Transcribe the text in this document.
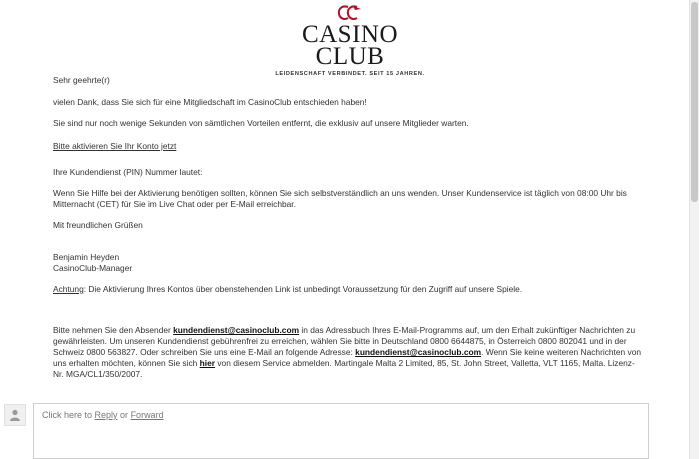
CASINO CLUB
LEIDENSCHAFT VERBINDET. SEIT 15 JAHREN.

Sehr geehrte(r)

vielen Dank, dass Sie sich für eine Mitgliedschaft im CasinoClub entschieden haben!

Sie sind nur noch wenige Sekunden von sämtlichen Vorteilen entfernt, die exklusiv auf unsere Mitglieder warten.

Bitte aktivieren Sie Ihr Konto jetzt

Ihre Kundendienst (PIN) Nummer lautet:

Wenn Sie Hilfe bei der Aktivierung benötigen sollten, können Sie sich selbstverständlich an uns wenden. Unser Kundenservice ist täglich von 08:00 Uhr bis Mitternacht (CET) für Sie im Live Chat oder per E-Mail erreichbar.

Mit freundlichen Grüßen

Benjamin Heyden

CasinoClub-Manager

Achtung: Die Aktivierung Ihres Kontos über obenstehenden Link ist unbedingt Voraussetzung für den Zugriff auf unsere Spiele.

Bitte nehmen Sie den Absender kundendienst@casinoclub.com in das Adressbuch Ihres E-Mail-Programms auf, um den Erhalt zukünftiger Nachrichten zu gewährleisten. Um unseren Kundendienst gebührenfrei zu erreichen, wählen Sie bitte in Deutschland 0800 6644875, in Österreich 0800 802041 und in der Schweiz 0800 563827. Oder schreiben Sie uns eine E-Mail an folgende Adresse: kundendienst@casinoclub.com. Wenn Sie keine weiteren Nachrichten von uns erhalten möchten, können Sie sich hier von diesem Service abmelden. Martingale Malta 2 Limited, 85, St. John Street, Valletta, VLT 1165, Malta. Lizenz-Nr. MGA/CL1/350/2007.

Click here to Reply or Forward
